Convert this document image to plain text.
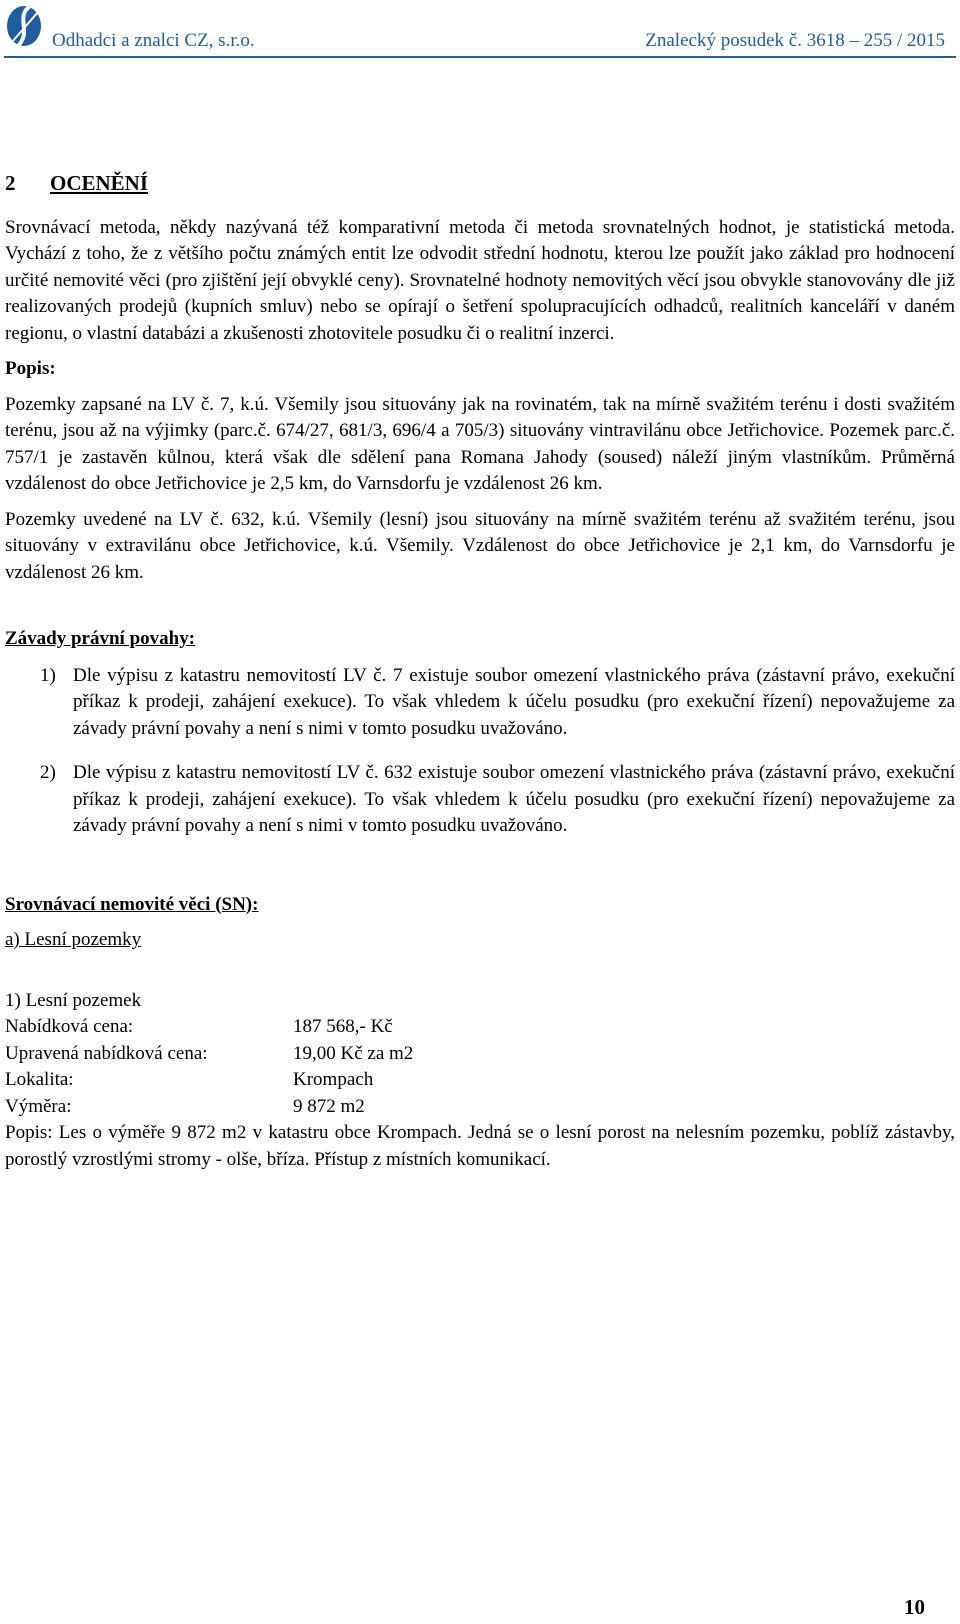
Odhadci a znalci CZ, s.r.o.	Znalecký posudek č. 3618 – 255 / 2015
2	OCENĚNÍ

Srovnávací metoda, někdy nazývaná též komparativní metoda či metoda srovnatelných hodnot, je statistická metoda. Vychází z toho, že z většího počtu známých entit lze odvodit střední hodnotu, kterou lze použít jako základ pro hodnocení určité nemovité věci (pro zjištění její obvyklé ceny). Srovnatelné hodnoty nemovitých věcí jsou obvykle stanovovány dle již realizovaných prodejů (kupních smluv) nebo se opírají o šetření spolupracujících odhadců, realitních kanceláří v daném regionu, o vlastní databázi a zkušenosti zhotovitele posudku či o realitní inzerci.

Popis:

Pozemky zapsané na LV č. 7, k.ú. Všemily jsou situovány jak na rovinatém, tak na mírně svažitém terénu i dosti svažitém terénu, jsou až na výjimky (parc.č. 674/27, 681/3, 696/4 a 705/3) situovány vintravilánu obce Jetřichovice. Pozemek parc.č. 757/1 je zastavěn kůlnou, která však dle sdělení pana Romana Jahody (soused) náleží jiným vlastníkům. Průměrná vzdálenost do obce Jetřichovice je 2,5 km, do Varnsdorfu je vzdálenost 26 km.

Pozemky uvedené na LV č. 632, k.ú. Všemily (lesní) jsou situovány na mírně svažitém terénu až svažitém terénu, jsou situovány v extravilánu obce Jetřichovice, k.ú. Všemily. Vzdálenost do obce Jetřichovice je 2,1 km, do Varnsdorfu je vzdálenost 26 km.

Závady právní povahy:

1) Dle výpisu z katastru nemovitostí LV č. 7 existuje soubor omezení vlastnického práva (zástavní právo, exekuční příkaz k prodeji, zahájení exekuce). To však vhledem k účelu posudku (pro exekuční řízení) nepovažujeme za závady právní povahy a není s nimi v tomto posudku uvažováno.
2) Dle výpisu z katastru nemovitostí LV č. 632 existuje soubor omezení vlastnického práva (zástavní právo, exekuční příkaz k prodeji, zahájení exekuce). To však vhledem k účelu posudku (pro exekuční řízení) nepovažujeme za závady právní povahy a není s nimi v tomto posudku uvažováno.

Srovnávací nemovité věci (SN):

a) Lesní pozemky

1) Lesní pozemek

Nabídková cena:	187 568,- Kč
Upravená nabídková cena:	19,00 Kč za m2
Lokalita:	Krompach
Výměra:	9 872 m2

Popis: Les o výměře 9 872 m2 v katastru obce Krompach. Jedná se o lesní porost na nelesním pozemku, poblíž zástavby, porostlý vzrostlými stromy - olše, bříza. Přístup z místních komunikací.

10
